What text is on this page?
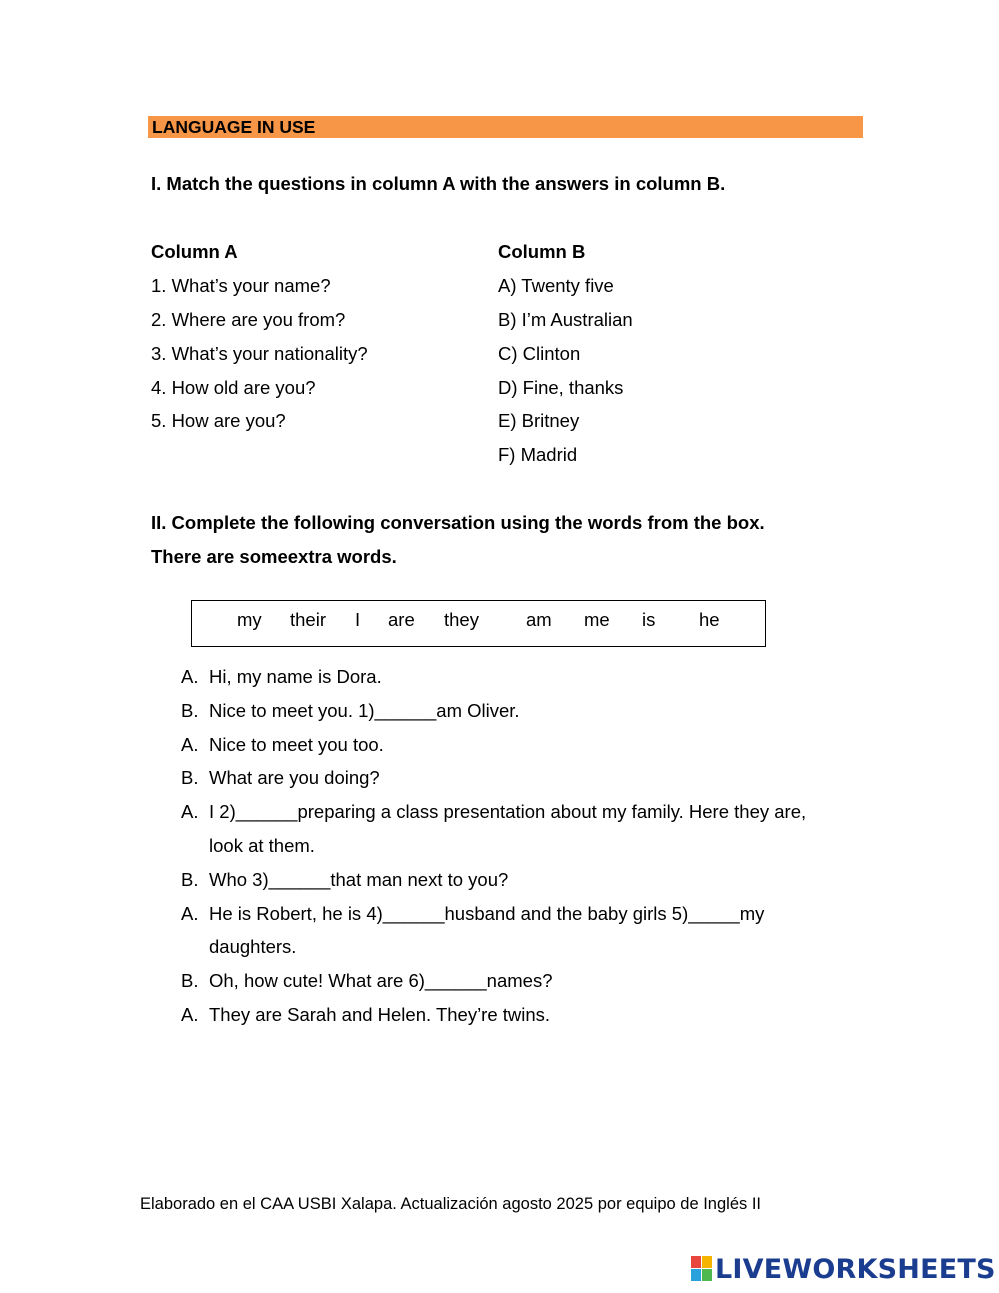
LANGUAGE IN USE
I. Match the questions in column A with the answers in column B.
Column A	Column B
1. What’s your name?
2. Where are you from?
3. What’s your nationality?
4. How old are you?
5. How are you?
A) Twenty five
B) I’m Australian
C) Clinton
D) Fine, thanks
E) Britney
F) Madrid
II. Complete the following conversation using the words from the box.
There are someextra words.
my their I are they	am me is he
A. Hi, my name is Dora.
B. Nice to meet you. 1)______am Oliver.
A. Nice to meet you too.
B. What are you doing?
A. I 2)______preparing a class presentation about my family. Here they are,
look at them.
B. Who 3)______that man next to you?
A. He is Robert, he is 4)______husband and the baby girls 5)_____my
daughters.
B. Oh, how cute! What are 6)______names?
A. They are Sarah and Helen. They’re twins.
Elaborado en el CAA USBI Xalapa. Actualización agosto 2025 por equipo de Inglés II
LIVEWORKSHEETS
